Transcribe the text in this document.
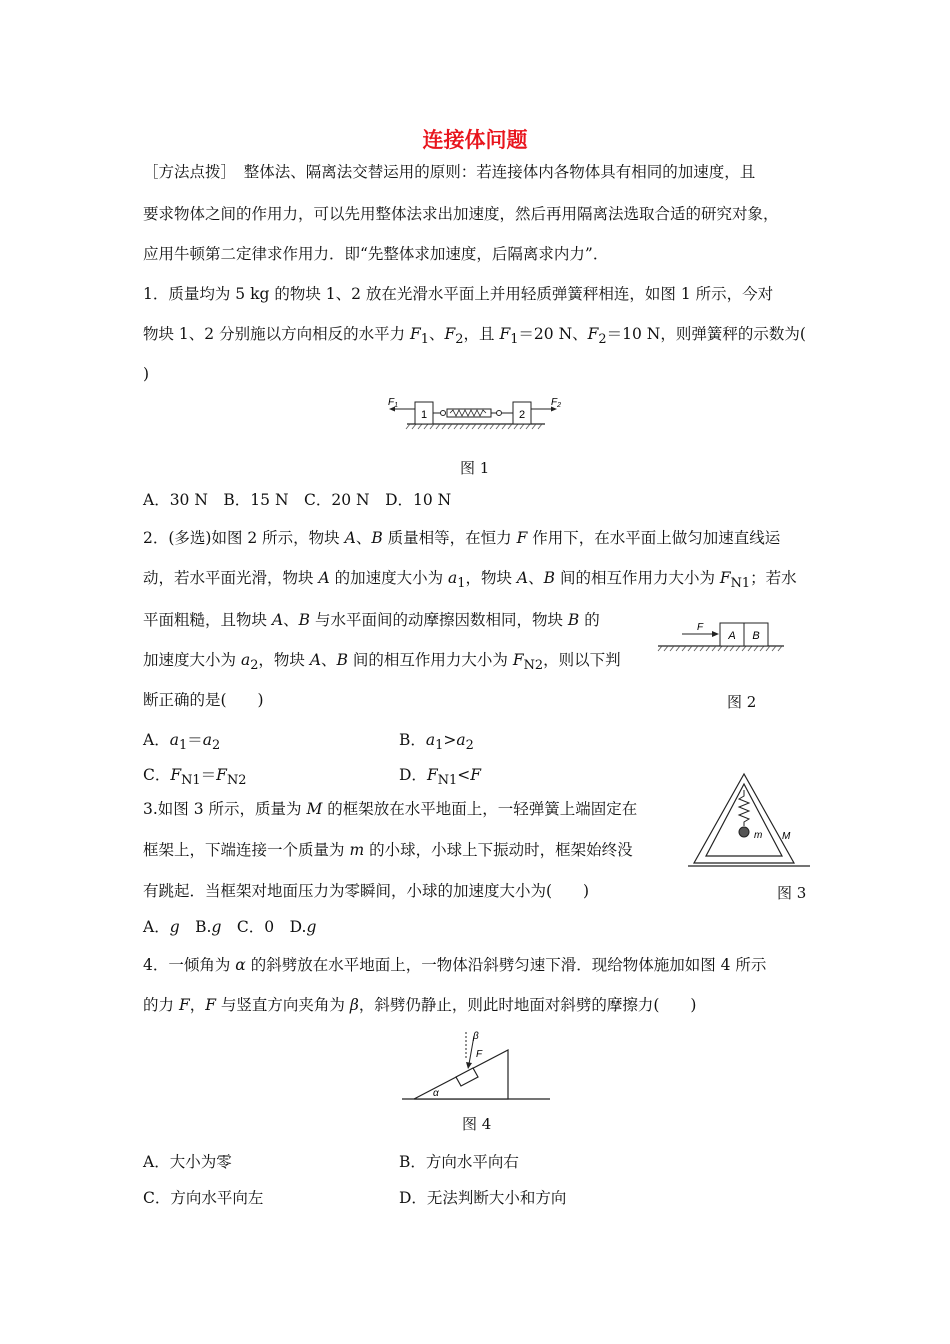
连接体问题
［方法点拨］　整体法、隔离法交替运用的原则：若连接体内各物体具有相同的加速度，且
要求物体之间的作用力，可以先用整体法求出加速度，然后再用隔离法选取合适的研究对象，
应用牛顿第二定律求作用力．即“先整体求加速度，后隔离求内力”．
1．质量均为 5 kg 的物块 1、2 放在光滑水平面上并用轻质弹簧秤相连，如图 1 所示，今对
物块 1、2 分别施以方向相反的水平力 $F_1$、$F_2$，且 $F_1=20$ N、$F_2=10$ N，则弹簧秤的示数为(
)
1	2
$F_1$	$F_2$
图 1
A．30 N　B．15 N　C．20 N　D．10 N
2．(多选)如图 2 所示，物块 A、B 质量相等，在恒力 F 作用下，在水平面上做匀加速直线运
动，若水平面光滑，物块 A 的加速度大小为 $a_1$，物块 A、B 间的相互作用力大小为 $F_{N1}$；若水
平面粗糙，且物块 A、B 与水平面间的动摩擦因数相同，物块 B 的
加速度大小为 $a_2$，物块 A、B 间的相互作用力大小为 $F_{N2}$，则以下判
断正确的是(　　)
F
A B
图 2
A．$a_1=a_2$	B．$a_1>a_2$
C．$F_{N1}=F_{N2}$	D．$F_{N1}<F$
3.如图 3 所示，质量为 M 的框架放在水平地面上，一轻弹簧上端固定在
框架上，下端连接一个质量为 m 的小球，小球上下振动时，框架始终没
有跳起．当框架对地面压力为零瞬间，小球的加速度大小为(　　)
m M
图 3
A．g　B.g　C．0　D.g
4．一倾角为 α 的斜劈放在水平地面上，一物体沿斜劈匀速下滑．现给物体施加如图 4 所示
的力 F，F 与竖直方向夹角为 β，斜劈仍静止，则此时地面对斜劈的摩擦力(　　)
β
F
α
图 4
A．大小为零	B．方向水平向右
C．方向水平向左	D．无法判断大小和方向
